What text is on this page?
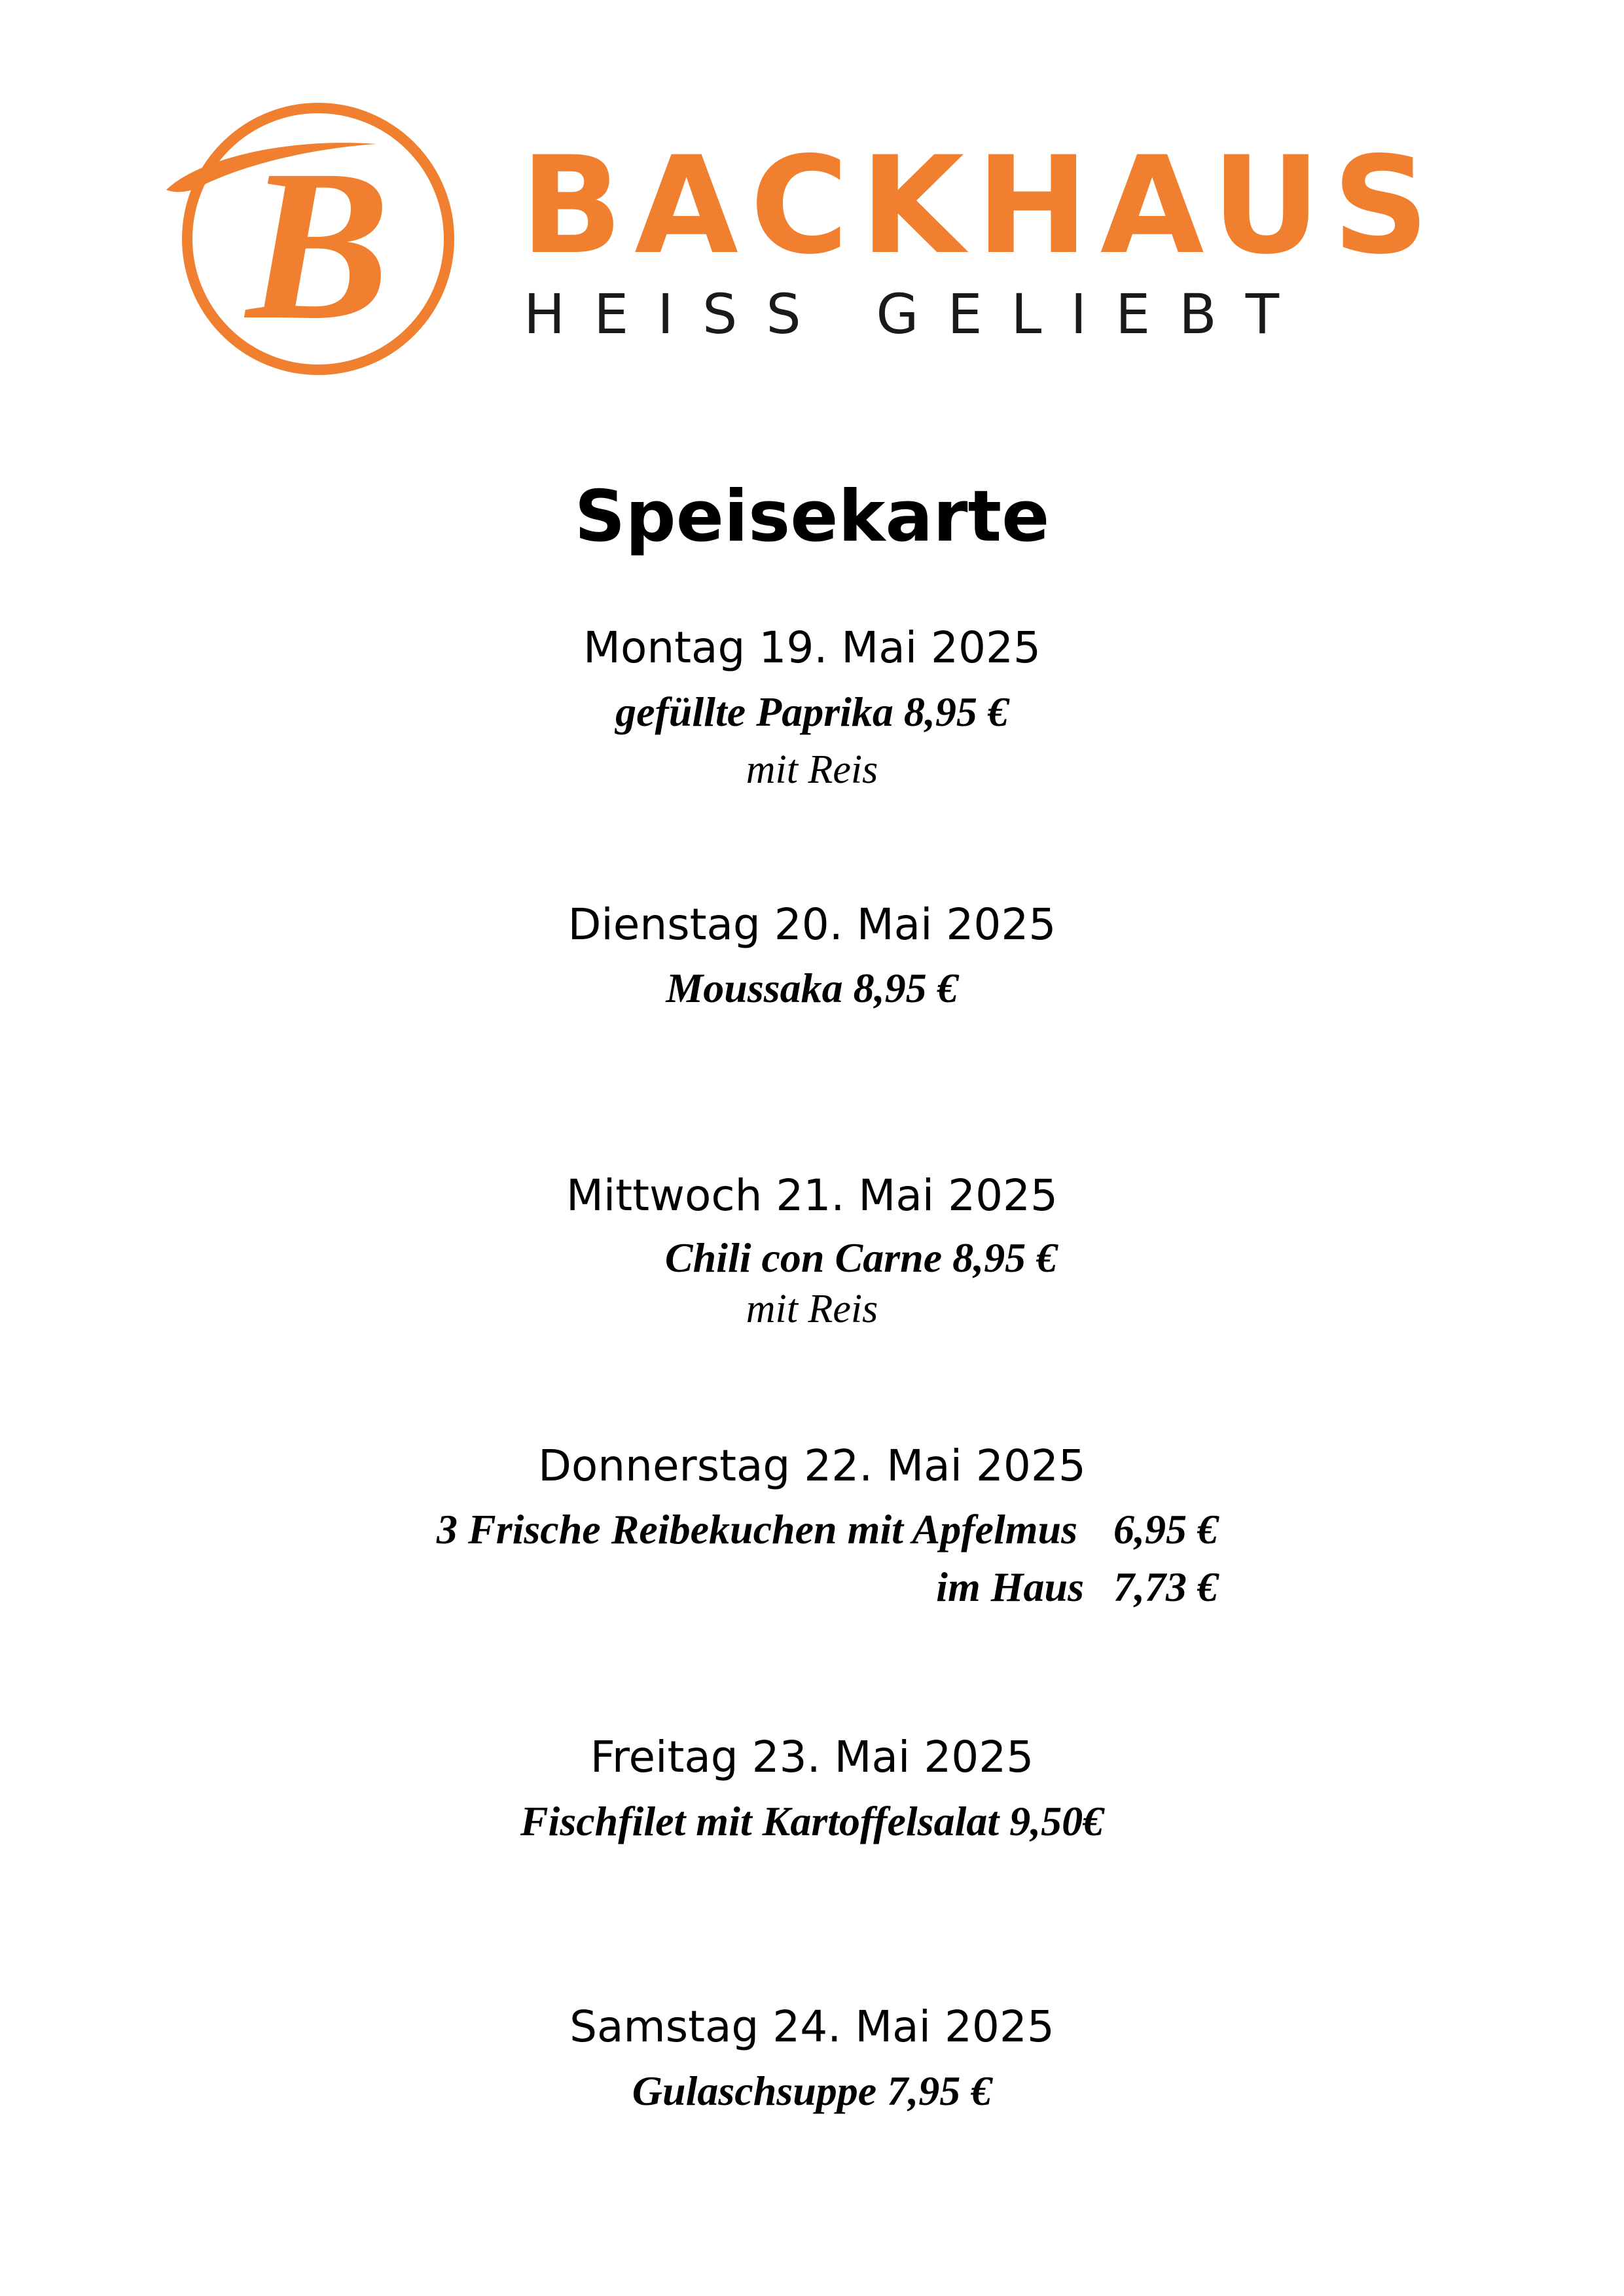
B BACKHAUS
HEISS GELIEBT
Speisekarte
Montag 19. Mai 2025
gefüllte Paprika 8,95 €
mit Reis
Dienstag 20. Mai 2025
Moussaka 8,95 €
Mittwoch 21. Mai 2025
Chili con Carne 8,95 €
mit Reis
Donnerstag 22. Mai 2025
3 Frische Reibekuchen mit Apfelmus 6,95 €
im Haus 7,73 €
Freitag 23. Mai 2025
Fischfilet mit Kartoffelsalat 9,50€
Samstag 24. Mai 2025
Gulaschsuppe 7,95 €
